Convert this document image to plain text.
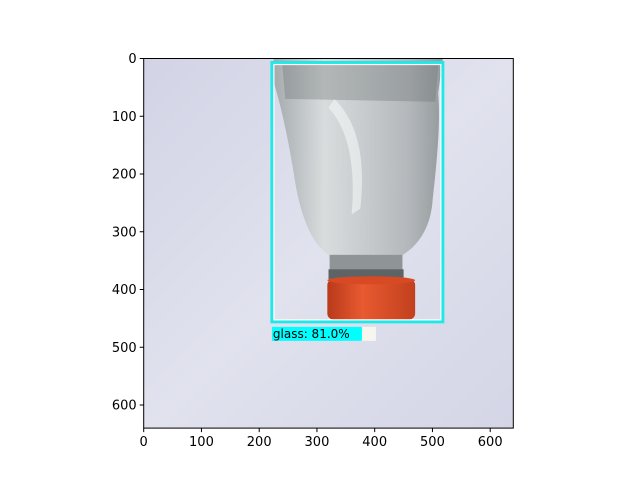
glass: 81.0%
0	100	200	300	400	500	600
0
100
200
300
400
500
600
